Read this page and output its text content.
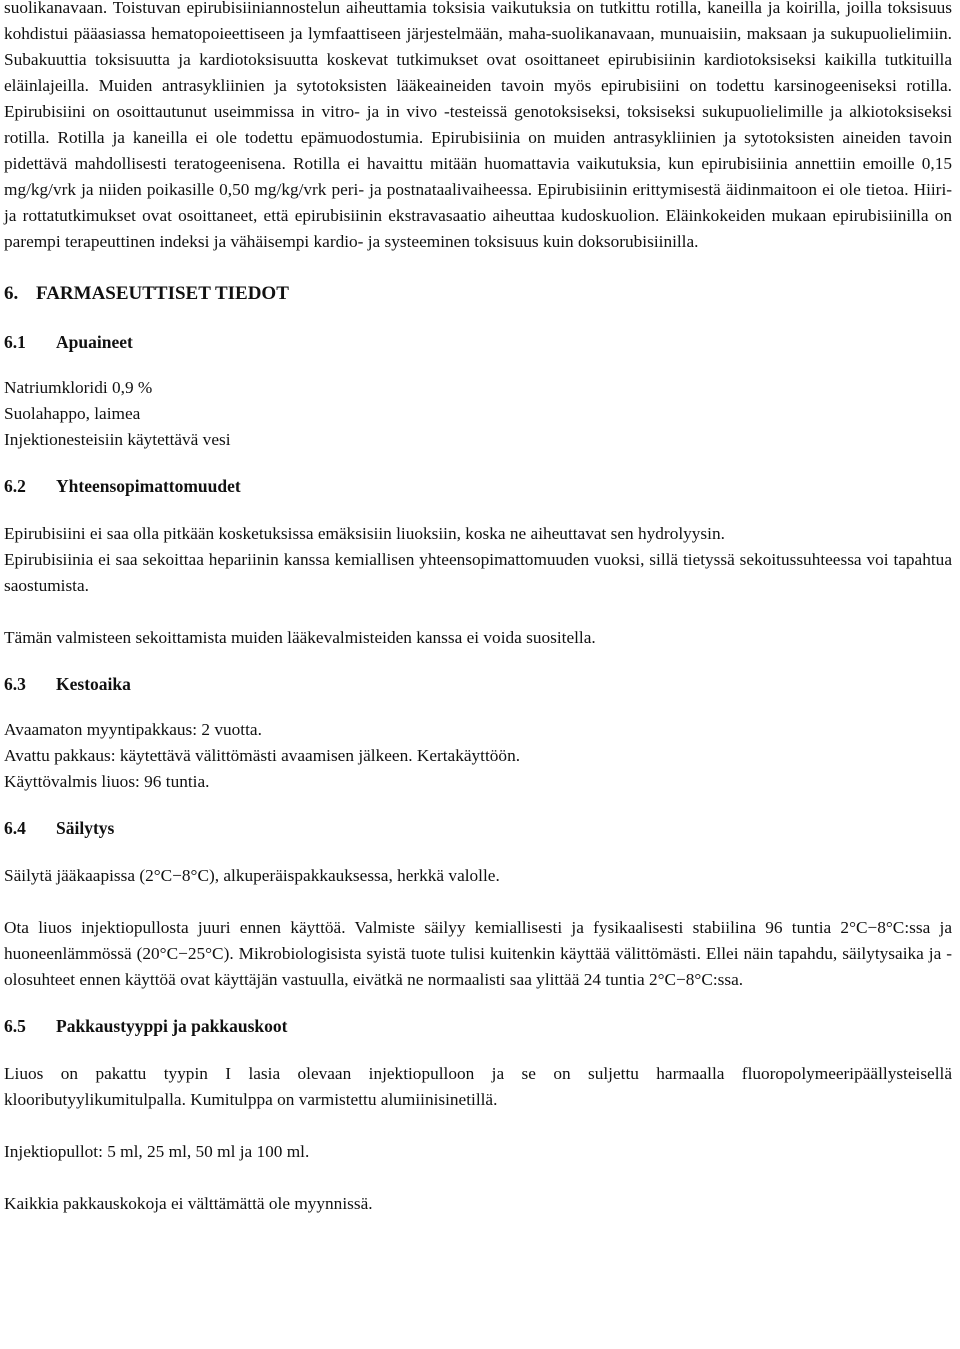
suolikanavaan. Toistuvan epirubisiiniannostelun aiheuttamia toksisia vaikutuksia on tutkittu rotilla, kaneilla ja koirilla, joilla toksisuus kohdistui pääasiassa hematopoieettiseen ja lymfaattiseen järjestelmään, maha-suolikanavaan, munuaisiin, maksaan ja sukupuolielimiin. Subakuuttia toksisuutta ja kardiotoksisuutta koskevat tutkimukset ovat osoittaneet epirubisiinin kardiotoksiseksi kaikilla tutkituilla eläinlajeilla. Muiden antrasykliinien ja sytotoksisten lääkeaineiden tavoin myös epirubisiini on todettu karsinogeeniseksi rotilla. Epirubisiini on osoittautunut useimmissa in vitro- ja in vivo -testeissä genotoksiseksi, toksiseksi sukupuolielimille ja alkiotoksiseksi rotilla. Rotilla ja kaneilla ei ole todettu epämuodostumia. Epirubisiinia on muiden antrasykliinien ja sytotoksisten aineiden tavoin pidettävä mahdollisesti teratogeenisena. Rotilla ei havaittu mitään huomattavia vaikutuksia, kun epirubisiinia annettiin emoille 0,15 mg/kg/vrk ja niiden poikasille 0,50 mg/kg/vrk peri- ja postnataalivaiheessa. Epirubisiinin erittymisestä äidinmaitoon ei ole tietoa. Hiiri- ja rottatutkimukset ovat osoittaneet, että epirubisiinin ekstravasaatio aiheuttaa kudoskuolion. Eläinkokeiden mukaan epirubisiinilla on parempi terapeuttinen indeksi ja vähäisempi kardio- ja systeeminen toksisuus kuin doksorubisiinilla.

6. FARMASEUTTISET TIEDOT
6.1 Apuaineet
Natriumkloridi 0,9 %
Suolahappo, laimea
Injektionesteisiin käytettävä vesi
6.2 Yhteensopimattomuudet
Epirubisiini ei saa olla pitkään kosketuksissa emäksisiin liuoksiin, koska ne aiheuttavat sen hydrolyysin.

Epirubisiinia ei saa sekoittaa hepariinin kanssa kemiallisen yhteensopimattomuuden vuoksi, sillä tietyssä sekoitussuhteessa voi tapahtua saostumista.

Tämän valmisteen sekoittamista muiden lääkevalmisteiden kanssa ei voida suositella.

6.3 Kestoaika
Avaamaton myyntipakkaus: 2 vuotta.
Avattu pakkaus: käytettävä välittömästi avaamisen jälkeen. Kertakäyttöön.
Käyttövalmis liuos: 96 tuntia.
6.4 Säilytys

Säilytä jääkaapissa (2°C−8°C), alkuperäispakkauksessa, herkkä valolle.

Ota liuos injektiopullosta juuri ennen käyttöä. Valmiste säilyy kemiallisesti ja fysikaalisesti stabiilina 96 tuntia 2°C−8°C:ssa ja huoneenlämmössä (20°C−25°C). Mikrobiologisista syistä tuote tulisi kuitenkin käyttää välittömästi. Ellei näin tapahdu, säilytysaika ja -olosuhteet ennen käyttöä ovat käyttäjän vastuulla, eivätkä ne normaalisti saa ylittää 24 tuntia 2°C−8°C:ssa.

6.5 Pakkaustyyppi ja pakkauskoot

Liuos on pakattu tyypin I lasia olevaan injektiopulloon ja se on suljettu harmaalla fluoropolymeeripäällysteisellä klooributyylikumitulpalla. Kumitulppa on varmistettu alumiinisinetillä.

Injektiopullot: 5 ml, 25 ml, 50 ml ja 100 ml.

Kaikkia pakkauskokoja ei välttämättä ole myynnissä.
